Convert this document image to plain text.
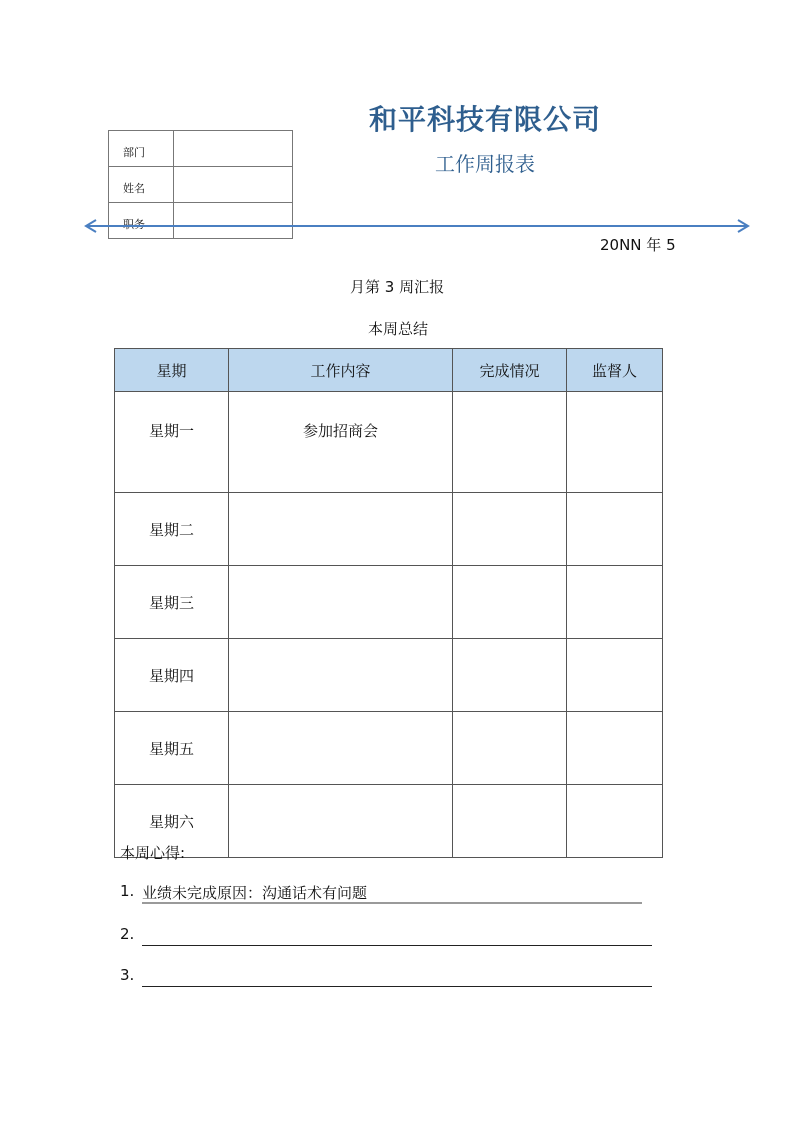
和平科技有限公司
工作周报表
部门	
姓名	
职务	
20NN 年 5
月第 3 周汇报
本周总结
星期	工作内容	完成情况	监督人
星期一	参加招商会		
星期二			
星期三			
星期四			
星期五			
星期六			
本周心得:
1. 业绩未完成原因：沟通话术有问题
2.
3.
